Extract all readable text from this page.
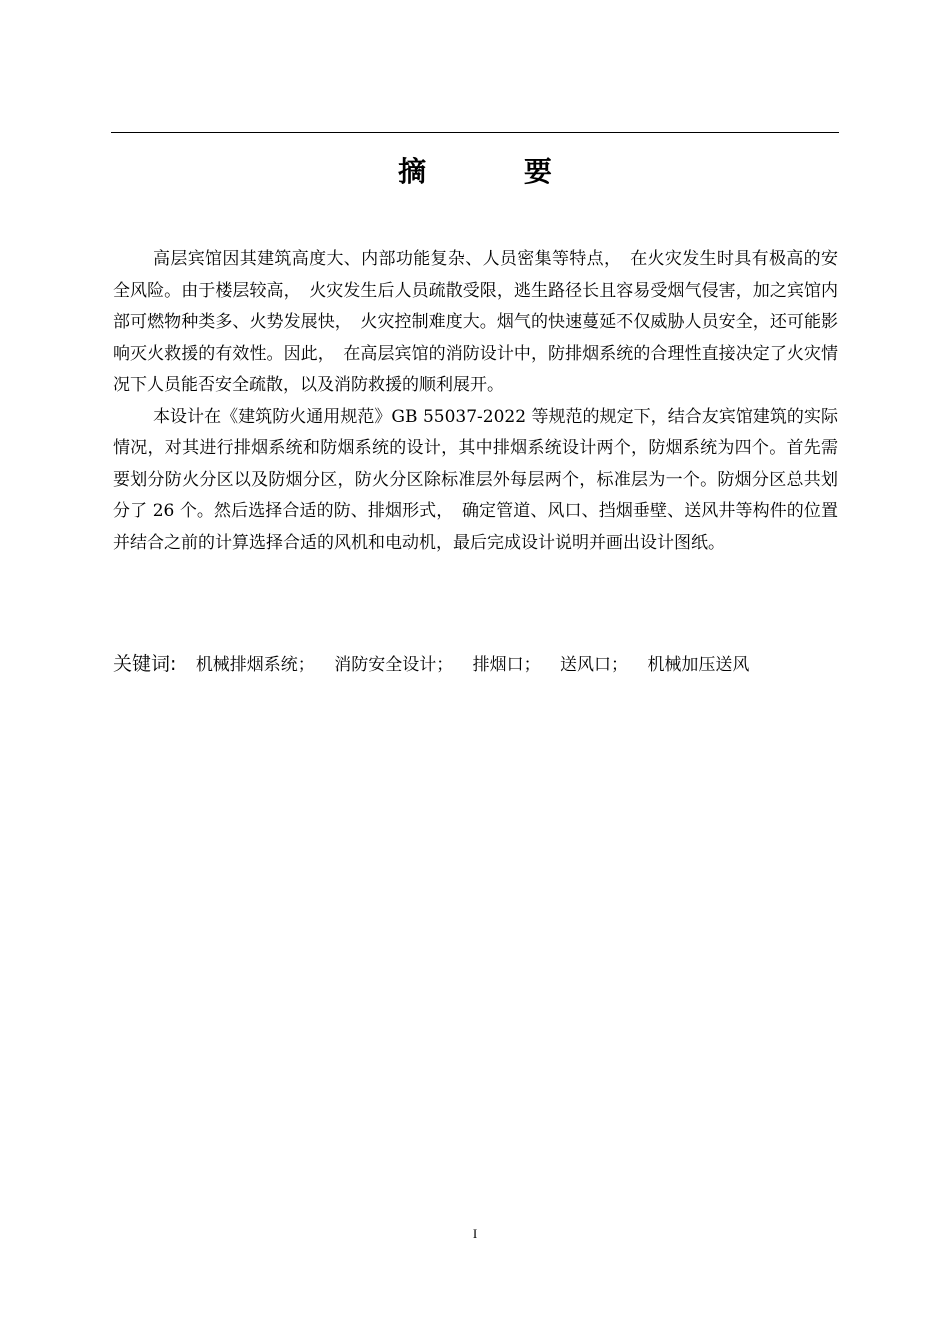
摘 要

高层宾馆因其建筑高度大、内部功能复杂、人员密集等特点，　在火灾发生时具有极高的安全风险。由于楼层较高，　火灾发生后人员疏散受限，逃生路径长且容易受烟气侵害，加之宾馆内部可燃物种类多、火势发展快，　火灾控制难度大。烟气的快速蔓延不仅威胁人员安全，还可能影响灭火救援的有效性。因此，　在高层宾馆的消防设计中，防排烟系统的合理性直接决定了火灾情况下人员能否安全疏散，以及消防救援的顺利展开。

本设计在《建筑防火通用规范》GB 55037-2022 等规范的规定下，结合友宾馆建筑的实际情况，对其进行排烟系统和防烟系统的设计，其中排烟系统设计两个，防烟系统为四个。首先需要划分防火分区以及防烟分区，防火分区除标准层外每层两个，标准层为一个。防烟分区总共划分了 26 个。然后选择合适的防、排烟形式，　确定管道、风口、挡烟垂壁、送风井等构件的位置并结合之前的计算选择合适的风机和电动机，最后完成设计说明并画出设计图纸。

关键词: 机械排烟系统； 消防安全设计； 排烟口； 送风口； 机械加压送风
I
